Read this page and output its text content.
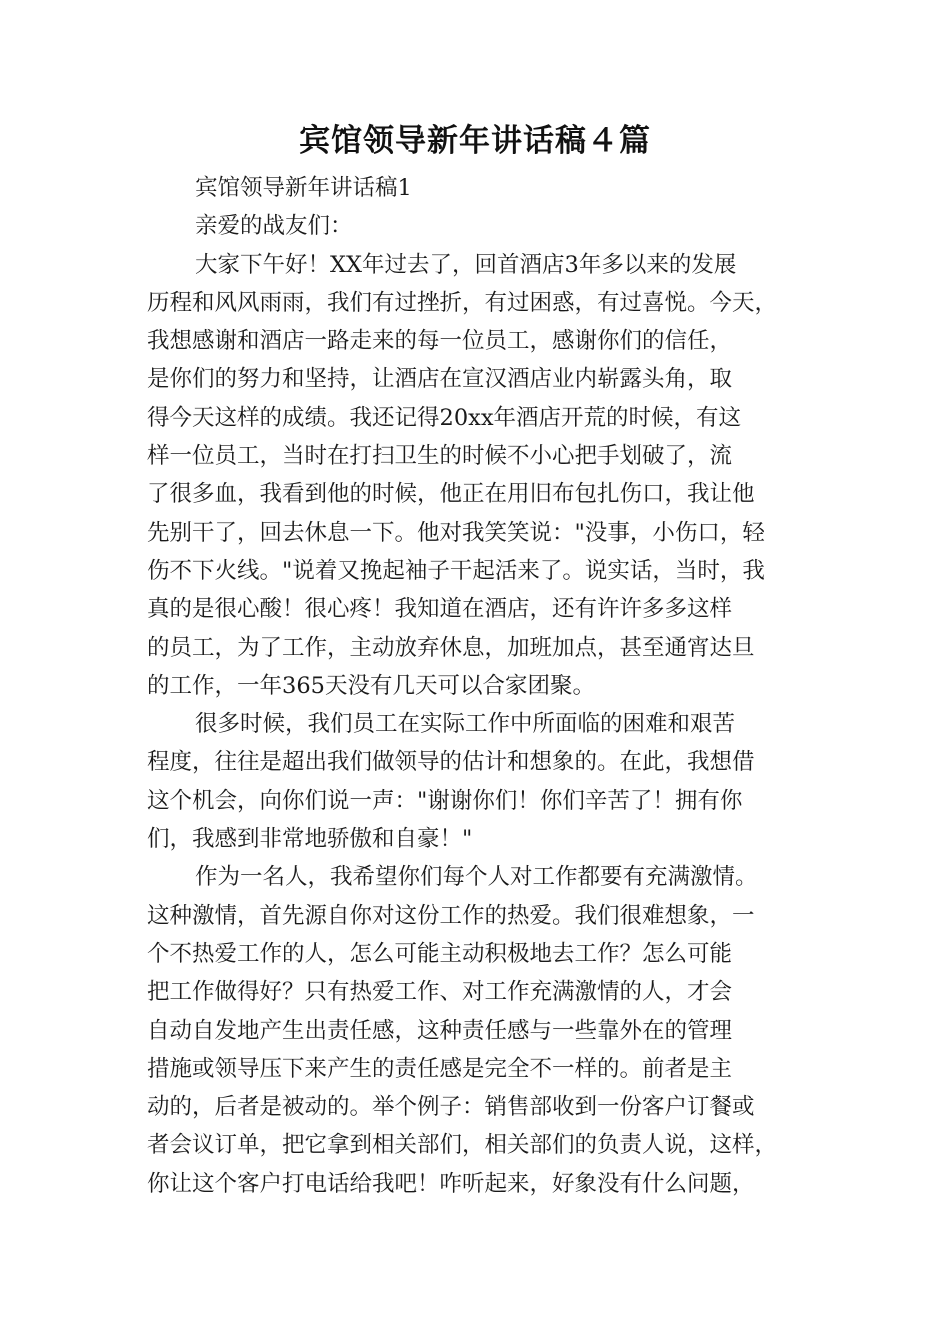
宾馆领导新年讲话稿４篇
宾馆领导新年讲话稿1
亲爱的战友们：
大家下午好！XX年过去了，回首酒店3年多以来的发展
历程和风风雨雨，我们有过挫折，有过困惑，有过喜悦。今天，
我想感谢和酒店一路走来的每一位员工，感谢你们的信任，
是你们的努力和坚持，让酒店在宣汉酒店业内崭露头角，取
得今天这样的成绩。我还记得20xx年酒店开荒的时候，有这
样一位员工，当时在打扫卫生的时候不小心把手划破了，流
了很多血，我看到他的时候，他正在用旧布包扎伤口，我让他
先别干了，回去休息一下。他对我笑笑说："没事，小伤口，轻
伤不下火线。"说着又挽起袖子干起活来了。说实话，当时，我
真的是很心酸！很心疼！我知道在酒店，还有许许多多这样
的员工，为了工作，主动放弃休息，加班加点，甚至通宵达旦
的工作，一年365天没有几天可以合家团聚。
很多时候，我们员工在实际工作中所面临的困难和艰苦
程度，往往是超出我们做领导的估计和想象的。在此，我想借
这个机会，向你们说一声："谢谢你们！你们辛苦了！拥有你
们，我感到非常地骄傲和自豪！"
作为一名人，我希望你们每个人对工作都要有充满激情。
这种激情，首先源自你对这份工作的热爱。我们很难想象，一
个不热爱工作的人，怎么可能主动积极地去工作？怎么可能
把工作做得好？只有热爱工作、对工作充满激情的人，才会
自动自发地产生出责任感，这种责任感与一些靠外在的管理
措施或领导压下来产生的责任感是完全不一样的。前者是主
动的，后者是被动的。举个例子：销售部收到一份客户订餐或
者会议订单，把它拿到相关部们，相关部们的负责人说，这样，
你让这个客户打电话给我吧！咋听起来，好象没有什么问题，
